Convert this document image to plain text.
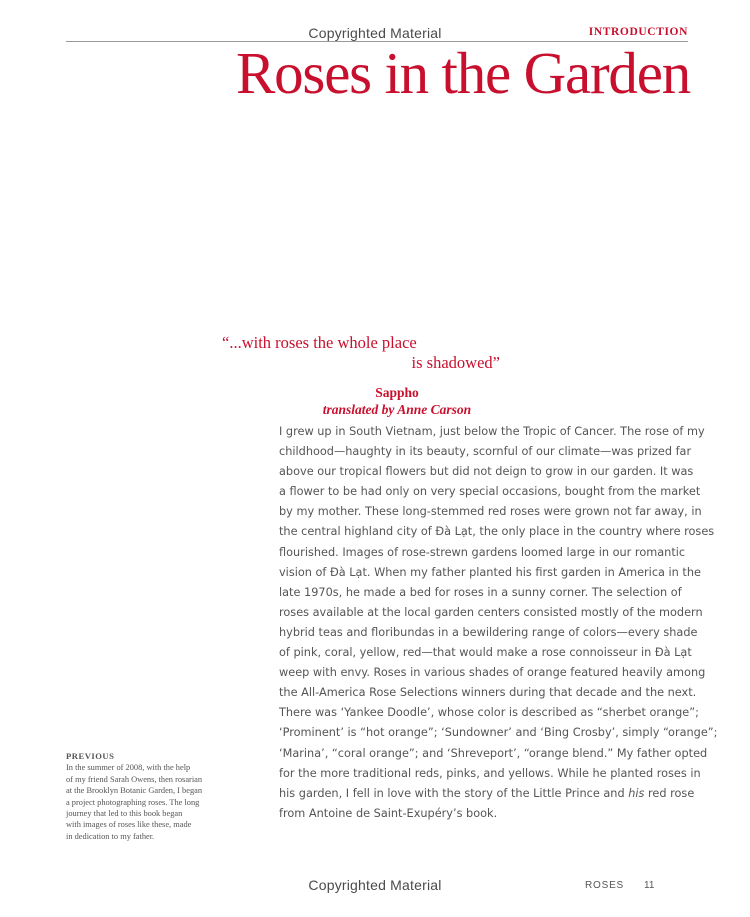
Copyrighted Material	INTRODUCTION
Roses in the Garden
“...with roses the whole place
is shadowed”
Sappho
translated by Anne Carson
I grew up in South Vietnam, just below the Tropic of Cancer. The rose of my
childhood—haughty in its beauty, scornful of our climate—was prized far
above our tropical flowers but did not deign to grow in our garden. It was
a flower to be had only on very special occasions, bought from the market
by my mother. These long-stemmed red roses were grown not far away, in
the central highland city of Đà Lạt, the only place in the country where roses
flourished. Images of rose-strewn gardens loomed large in our romantic
vision of Đà Lạt. When my father planted his first garden in America in the
late 1970s, he made a bed for roses in a sunny corner. The selection of
roses available at the local garden centers consisted mostly of the modern
hybrid teas and floribundas in a bewildering range of colors—every shade
of pink, coral, yellow, red—that would make a rose connoisseur in Đà Lạt
weep with envy. Roses in various shades of orange featured heavily among
the All-America Rose Selections winners during that decade and the next.
There was ‘Yankee Doodle’, whose color is described as “sherbet orange”;
‘Prominent’ is “hot orange”; ‘Sundowner’ and ‘Bing Crosby’, simply “orange”;
‘Marina’, “coral orange”; and ‘Shreveport’, “orange blend.” My father opted
for the more traditional reds, pinks, and yellows. While he planted roses in
his garden, I fell in love with the story of the Little Prince and his red rose
from Antoine de Saint-Exupéry’s book.
PREVIOUS
In the summer of 2008, with the help
of my friend Sarah Owens, then rosarian
at the Brooklyn Botanic Garden, I began
a project photographing roses. The long
journey that led to this book began
with images of roses like these, made
in dedication to my father.
Copyrighted Material	ROSES 11
